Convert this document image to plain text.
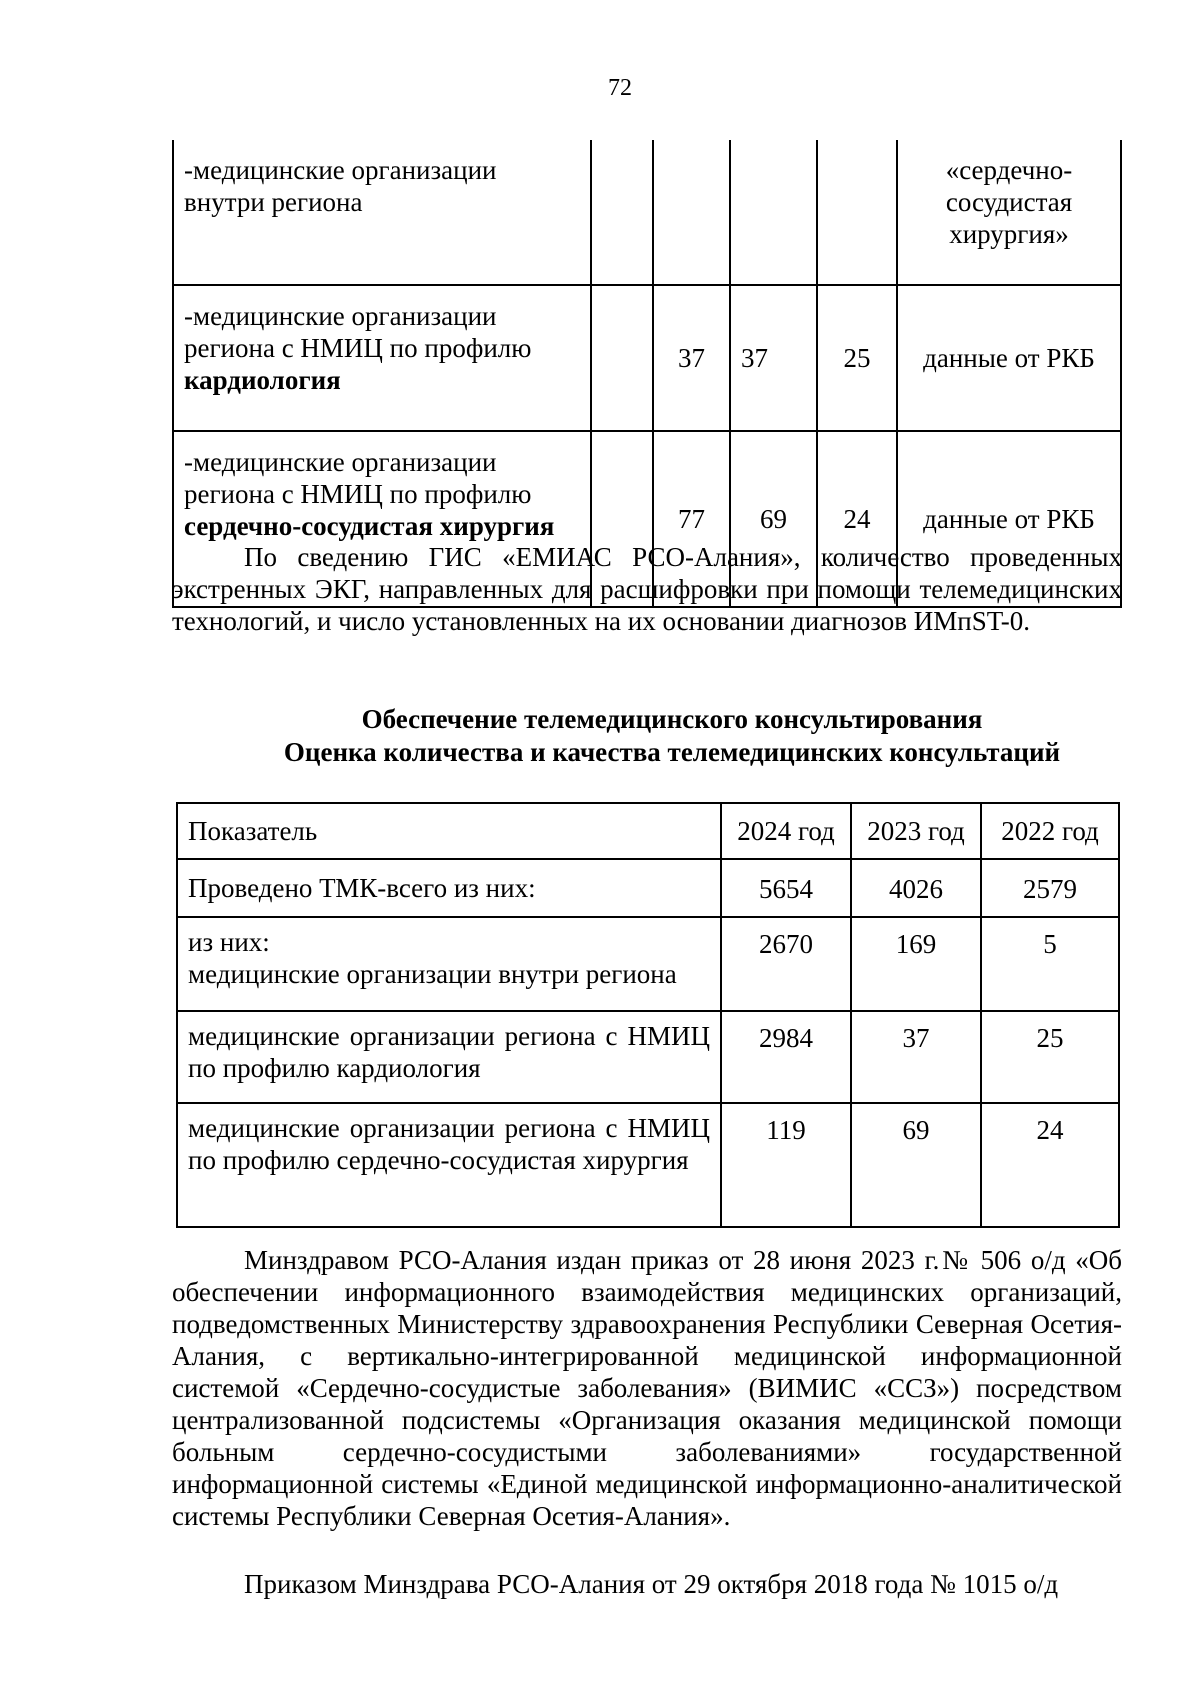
72
-медицинские организации внутри региона					«сердечно-сосудистая хирургия»
-медицинские организации региона с НМИЦ по профилю кардиология		37	37	25	данные от РКБ
-медицинские организации региона с НМИЦ по профилю сердечно-сосудистая хирургия		77	69	24	данные от РКБ
По сведению ГИС «ЕМИАС РСО-Алания», количество проведенных экстренных ЭКГ, направленных для расшифровки при помощи телемедицинских технологий, и число установленных на их основании диагнозов ИМпST-0.
Обеспечение телемедицинского консультирования
Оценка количества и качества телемедицинских консультаций
Показатель	2024 год	2023 год	2022 год
Проведено ТМК-всего из них:	5654	4026	2579
из них:
медицинские организации внутри региона	2670	169	5
медицинские организации региона с НМИЦ по профилю кардиология	2984	37	25
медицинские организации региона с НМИЦ по профилю сердечно-сосудистая хирургия	119	69	24
Минздравом РСО-Алания издан приказ от 28 июня 2023 г.№ 506 о/д «Об обеспечении информационного взаимодействия медицинских организаций, подведомственных Министерству здравоохранения Республики Северная Осетия-Алания, с вертикально-интегрированной медицинской информационной системой «Сердечно-сосудистые заболевания» (ВИМИС «ССЗ») посредством централизованной подсистемы «Организация оказания медицинской помощи больным сердечно-сосудистыми заболеваниями» государственной информационной системы «Единой медицинской информационно-аналитической системы Республики Северная Осетия-Алания».
Приказом Минздрава РСО-Алания от 29 октября 2018 года № 1015 о/д
